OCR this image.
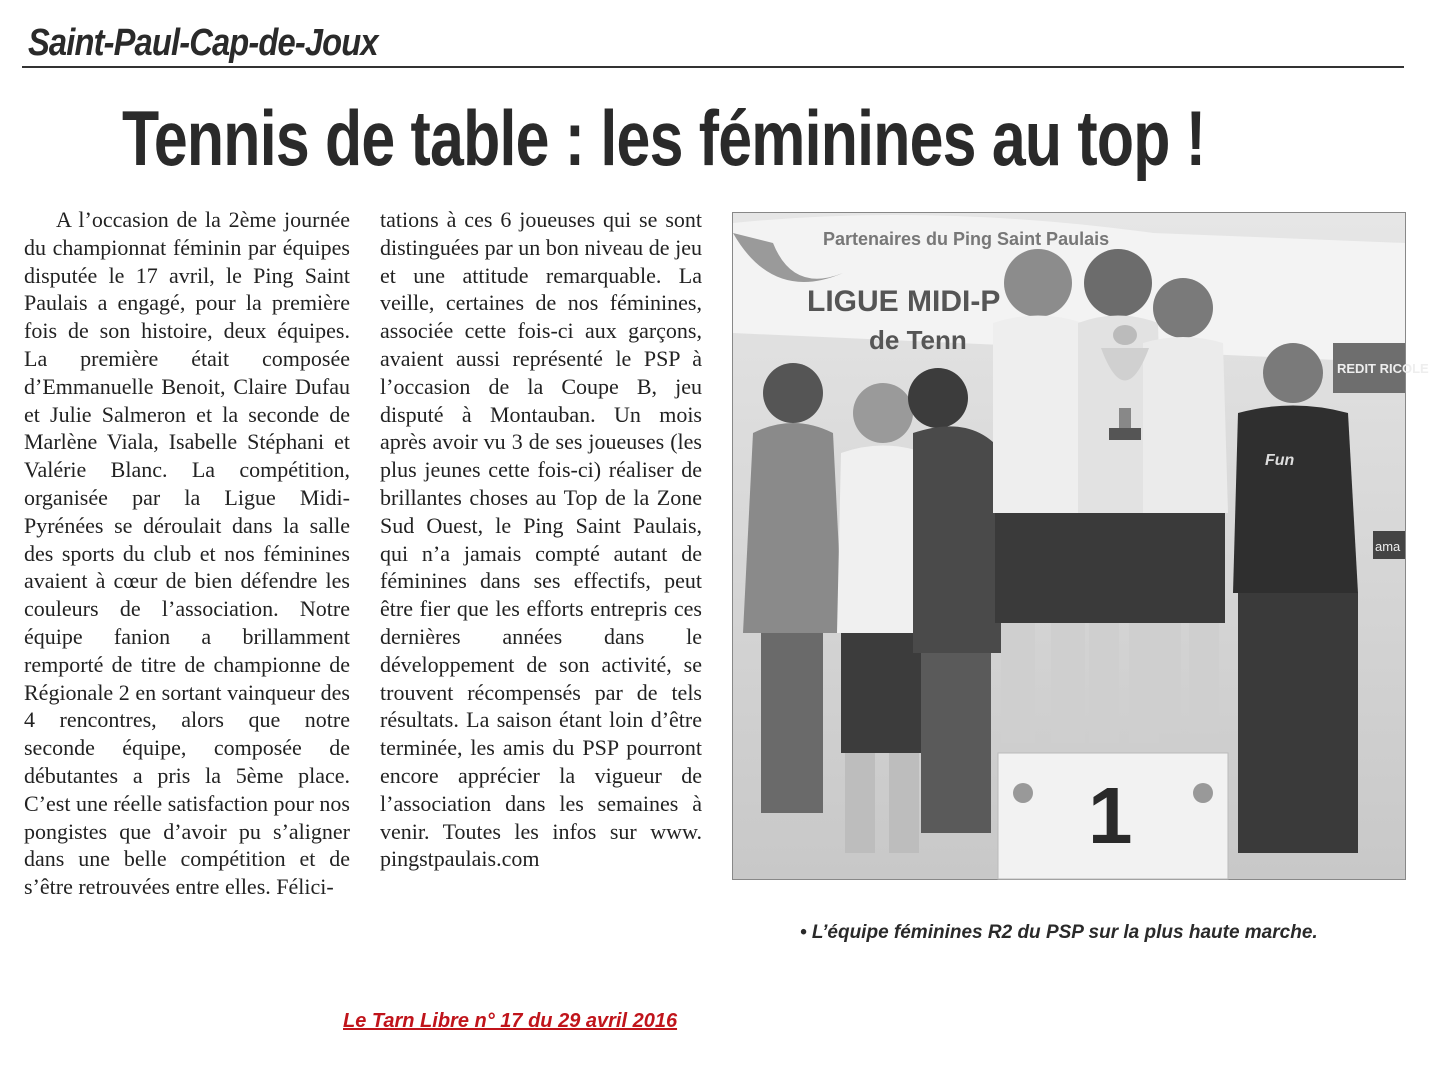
Saint-Paul-Cap-de-Joux
Tennis de table : les féminines au top !

A l’occasion de la 2ème journée du championnat féminin par équipes disputée le 17 avril, le Ping Saint Paulais a engagé, pour la première fois de son histoire, deux équipes. La première était composée d’Emmanuelle Benoit, Claire Dufau et Julie Salmeron et la seconde de Marlène Viala, Isabelle Stéphani et Valérie Blanc. La compétition, organisée par la Ligue Midi-Pyrénées se déroulait dans la salle des sports du club et nos féminines avaient à cœur de bien défendre les couleurs de l’association. Notre équipe fanion a brillamment remporté de titre de championne de Régionale 2 en sortant vainqueur des 4 rencontres, alors que notre seconde équipe, composée de débutantes a pris la 5ème place. C’est une réelle satisfaction pour nos pongistes que d’avoir pu s’aligner dans une belle compétition et de s’être retrouvées entre elles. Félici-

tations à ces 6 joueuses qui se sont distinguées par un bon niveau de jeu et une attitude remarquable. La veille, certaines de nos féminines, associée cette fois-ci aux garçons, avaient aussi représenté le PSP à l’occasion de la Coupe B, jeu disputé à Montauban. Un mois après avoir vu 3 de ses joueuses (les plus jeunes cette fois-ci) réaliser de brillantes choses au Top de la Zone Sud Ouest, le Ping Saint Paulais, qui n’a jamais compté autant de féminines dans ses effectifs, peut être fier que les efforts entrepris ces dernières années dans le développement de son activité, se trouvent récompensés par de tels résultats. La saison étant loin d’être terminée, les amis du PSP pourront encore apprécier la vigueur de l’association dans les semaines à venir. Toutes les infos sur www. pingstpaulais.com

Partenaires du Ping Saint Paulais
LIGUE MIDI-P
de Tenn
REDIT RICOLE
ama
Fun
1
• L’équipe féminines R2 du PSP sur la plus haute marche.
Le Tarn Libre n° 17 du 29 avril 2016
